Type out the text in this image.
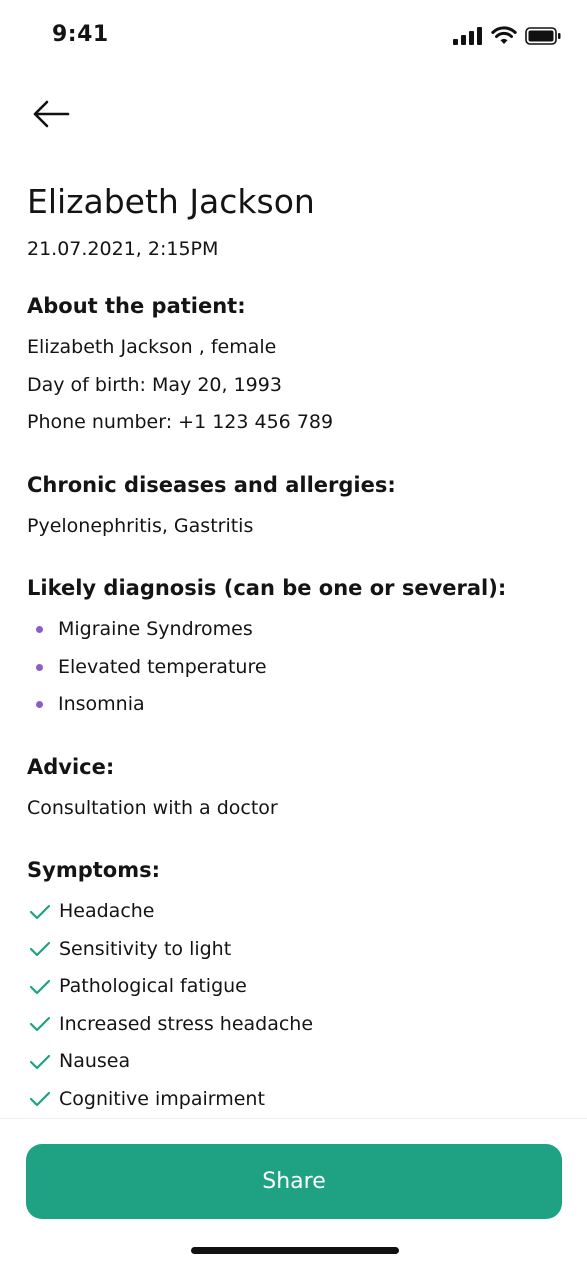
9:41
Elizabeth Jackson
21.07.2021, 2:15PM
About the patient:
Elizabeth Jackson , female
Day of birth: May 20, 1993
Phone number: +1 123 456 789
Chronic diseases and allergies:
Pyelonephritis, Gastritis
Likely diagnosis (can be one or several):
Migraine Syndromes
Elevated temperature
Insomnia
Advice:
Consultation with a doctor
Symptoms:
Headache
Sensitivity to light
Pathological fatigue
Increased stress headache
Nausea
Cognitive impairment
Share
